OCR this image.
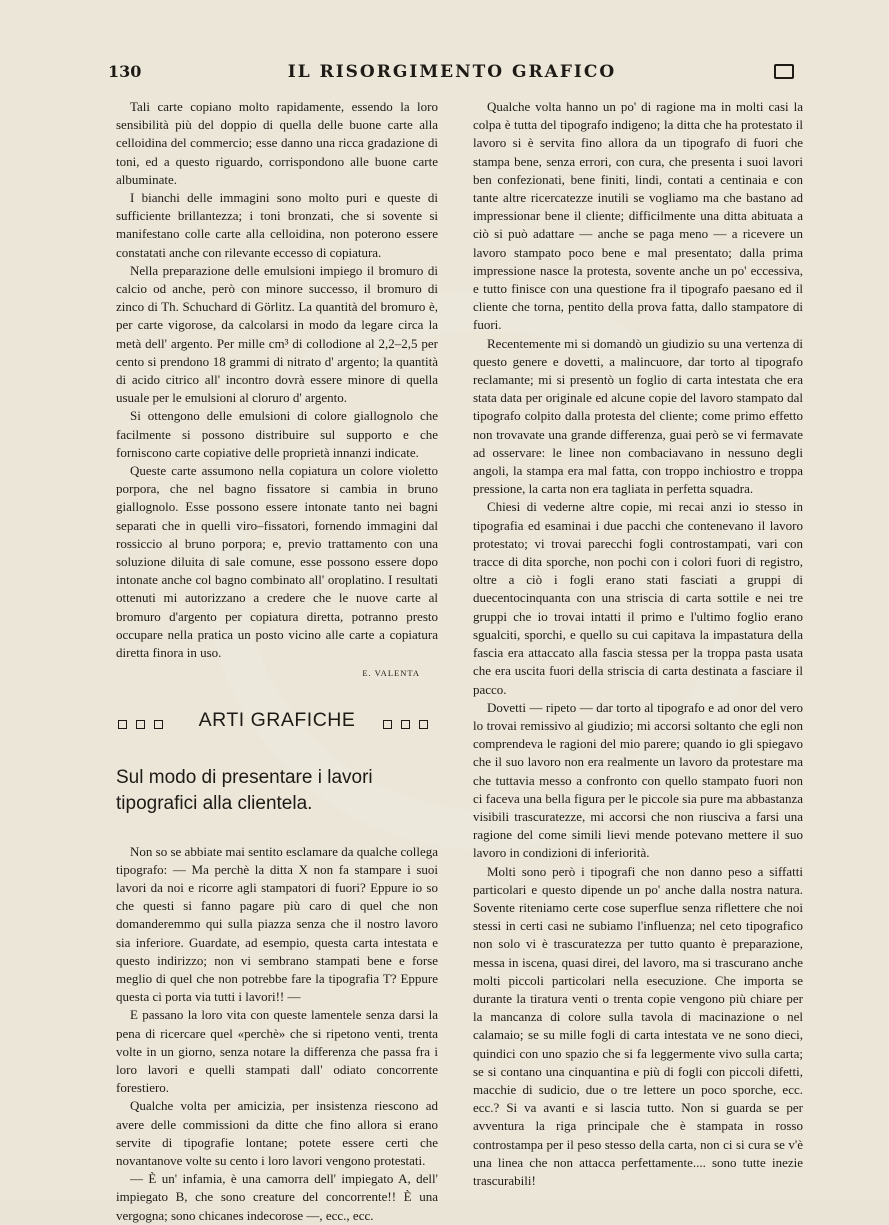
130	IL RISORGIMENTO GRAFICO

Tali carte copiano molto rapidamente, essendo la loro sensibilità più del doppio di quella delle buone carte alla celloidina del commercio; esse danno una ricca gradazione di toni, ed a questo riguardo, corrispondono alle buone carte albuminate.

I bianchi delle immagini sono molto puri e queste di sufficiente brillantezza; i toni bronzati, che si sovente si manifestano colle carte alla celloidina, non poterono essere constatati anche con rilevante eccesso di copiatura.

Nella preparazione delle emulsioni impiego il bromuro di calcio od anche, però con minore successo, il bromuro di zinco di Th. Schuchard di Görlitz. La quantità del bromuro è, per carte vigorose, da calcolarsi in modo da legare circa la metà dell' argento. Per mille cm³ di collodione al 2,2–2,5 per cento si prendono 18 grammi di nitrato d' argento; la quantità di acido citrico all' incontro dovrà essere minore di quella usuale per le emulsioni al cloruro d' argento.

Si ottengono delle emulsioni di colore giallognolo che facilmente si possono distribuire sul supporto e che forniscono carte copiative delle proprietà innanzi indicate.

Queste carte assumono nella copiatura un colore violetto porpora, che nel bagno fissatore si cambia in bruno giallognolo. Esse possono essere intonate tanto nei bagni separati che in quelli viro–fissatori, fornendo immagini dal rossiccio al bruno porpora; e, previo trattamento con una soluzione diluita di sale comune, esse possono essere dopo intonate anche col bagno combinato all' oroplatino. I resultati ottenuti mi autorizzano a credere che le nuove carte al bromuro d'argento per copiatura diretta, potranno presto occupare nella pratica un posto vicino alle carte a copiatura diretta finora in uso.

E. VALENTA
ARTI GRAFICHE
Sul modo di presentare i lavori tipografici alla clientela.

Non so se abbiate mai sentito esclamare da qualche collega tipografo: — Ma perchè la ditta X non fa stampare i suoi lavori da noi e ricorre agli stampatori di fuori? Eppure io so che questi si fanno pagare più caro di quel che non domanderemmo qui sulla piazza senza che il nostro lavoro sia inferiore. Guardate, ad esempio, questa carta intestata e questo indirizzo; non vi sembrano stampati bene e forse meglio di quel che non potrebbe fare la tipografia T? Eppure questa ci porta via tutti i lavori!! —

E passano la loro vita con queste lamentele senza darsi la pena di ricercare quel «perchè» che si ripetono venti, trenta volte in un giorno, senza notare la differenza che passa fra i loro lavori e quelli stampati dall' odiato concorrente forestiero.

Qualche volta per amicizia, per insistenza riescono ad avere delle commissioni da ditte che fino allora si erano servite di tipografie lontane; potete essere certi che novantanove volte su cento i loro lavori vengono protestati.

— È un' infamia, è una camorra dell' impiegato A, dell' impiegato B, che sono creature del concorrente!! È una vergogna; sono chicanes indecorose —, ecc., ecc.

Qualche volta hanno un po' di ragione ma in molti casi la colpa è tutta del tipografo indigeno; la ditta che ha protestato il lavoro si è servita fino allora da un tipografo di fuori che stampa bene, senza errori, con cura, che presenta i suoi lavori ben confezionati, bene finiti, lindi, contati a centinaia e con tante altre ricercatezze inutili se vogliamo ma che bastano ad impressionar bene il cliente; difficilmente una ditta abituata a ciò si può adattare — anche se paga meno — a ricevere un lavoro stampato poco bene e mal presentato; dalla prima impressione nasce la protesta, sovente anche un po' eccessiva, e tutto finisce con una questione fra il tipografo paesano ed il cliente che torna, pentito della prova fatta, dallo stampatore di fuori.

Recentemente mi si domandò un giudizio su una vertenza di questo genere e dovetti, a malincuore, dar torto al tipografo reclamante; mi si presentò un foglio di carta intestata che era stata data per originale ed alcune copie del lavoro stampato dal tipografo colpito dalla protesta del cliente; come primo effetto non trovavate una grande differenza, guai però se vi fermavate ad osservare: le linee non combaciavano in nessuno degli angoli, la stampa era mal fatta, con troppo inchiostro e troppa pressione, la carta non era tagliata in perfetta squadra.

Chiesi di vederne altre copie, mi recai anzi io stesso in tipografia ed esaminai i due pacchi che contenevano il lavoro protestato; vi trovai parecchi fogli controstampati, vari con tracce di dita sporche, non pochi con i colori fuori di registro, oltre a ciò i fogli erano stati fasciati a gruppi di duecentocinquanta con una striscia di carta sottile e nei tre gruppi che io trovai intatti il primo e l'ultimo foglio erano sgualciti, sporchi, e quello su cui capitava la impastatura della fascia era attaccato alla fascia stessa per la troppa pasta usata che era uscita fuori della striscia di carta destinata a fasciare il pacco.

Dovetti — ripeto — dar torto al tipografo e ad onor del vero lo trovai remissivo al giudizio; mi accorsi soltanto che egli non comprendeva le ragioni del mio parere; quando io gli spiegavo che il suo lavoro non era realmente un lavoro da protestare ma che tuttavia messo a confronto con quello stampato fuori non ci faceva una bella figura per le piccole sia pure ma abbastanza visibili trascuratezze, mi accorsi che non riusciva a farsi una ragione del come simili lievi mende potevano mettere il suo lavoro in condizioni di inferiorità.

Molti sono però i tipografi che non danno peso a siffatti particolari e questo dipende un po' anche dalla nostra natura. Sovente riteniamo certe cose superflue senza riflettere che noi stessi in certi casi ne subiamo l'influenza; nel ceto tipografico non solo vi è trascuratezza per tutto quanto è preparazione, messa in iscena, quasi direi, del lavoro, ma si trascurano anche molti piccoli particolari nella esecuzione. Che importa se durante la tiratura venti o trenta copie vengono più chiare per la mancanza di colore sulla tavola di macinazione o nel calamaio; se su mille fogli di carta intestata ve ne sono dieci, quindici con uno spazio che si fa leggermente vivo sulla carta; se si contano una cinquantina e più di fogli con piccoli difetti, macchie di sudicio, due o tre lettere un poco sporche, ecc. ecc.? Si va avanti e si lascia tutto. Non si guarda se per avventura la riga principale che è stampata in rosso controstampa per il peso stesso della carta, non ci si cura se v'è una linea che non attacca perfettamente.... sono tutte inezie trascurabili!
